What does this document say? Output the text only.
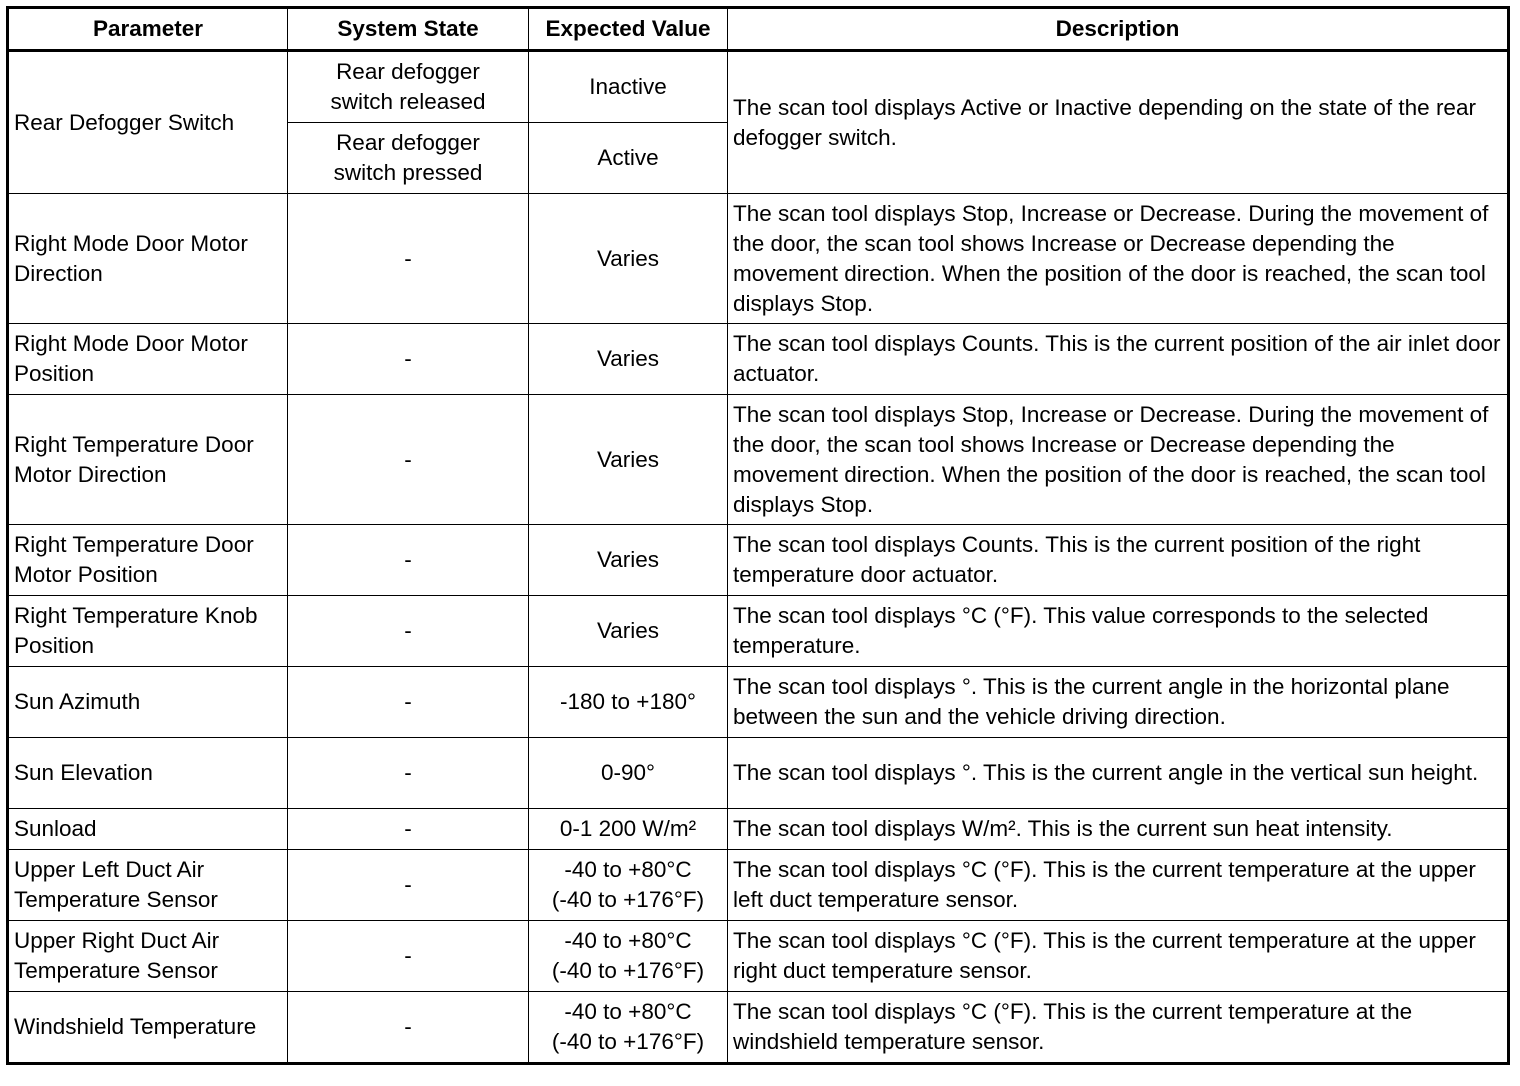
Parameter	System State	Expected Value	Description
Rear Defogger Switch	Rear defogger
switch released	Inactive	The scan tool displays Active or Inactive depending on the state of the rear defogger switch.
	Rear defogger
switch pressed	Active	
Right Mode Door Motor Direction	-	Varies	The scan tool displays Stop, Increase or Decrease. During the movement of the door, the scan tool shows Increase or Decrease depending the movement direction. When the position of the door is reached, the scan tool displays Stop.
Right Mode Door Motor Position	-	Varies	The scan tool displays Counts. This is the current position of the air inlet door actuator.
Right Temperature Door Motor Direction	-	Varies	The scan tool displays Stop, Increase or Decrease. During the movement of the door, the scan tool shows Increase or Decrease depending the movement direction. When the position of the door is reached, the scan tool displays Stop.
Right Temperature Door Motor Position	-	Varies	The scan tool displays Counts. This is the current position of the right temperature door actuator.
Right Temperature Knob Position	-	Varies	The scan tool displays °C (°F). This value corresponds to the selected temperature.
Sun Azimuth	-	-180 to +180°	The scan tool displays °. This is the current angle in the horizontal plane between the sun and the vehicle driving direction.
Sun Elevation	-	0-90°	The scan tool displays °. This is the current angle in the vertical sun height.
Sunload	-	0-1 200 W/m²	The scan tool displays W/m². This is the current sun heat intensity.
Upper Left Duct Air Temperature Sensor	-	-40 to +80°C
(-40 to +176°F)	The scan tool displays °C (°F). This is the current temperature at the upper left duct temperature sensor.
Upper Right Duct Air Temperature Sensor	-	-40 to +80°C
(-40 to +176°F)	The scan tool displays °C (°F). This is the current temperature at the upper right duct temperature sensor.
Windshield Temperature	-	-40 to +80°C
(-40 to +176°F)	The scan tool displays °C (°F). This is the current temperature at the windshield temperature sensor.
